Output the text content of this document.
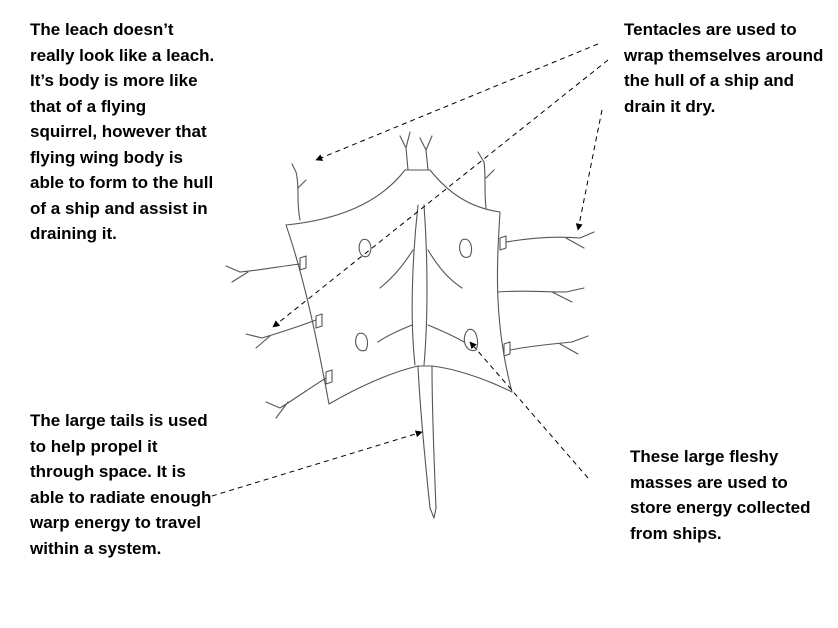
The leach doesn’t really look like a leach. It’s body is more like that of a flying squirrel, however that flying wing body is able to form to the hull of a ship and assist in draining it.

Tentacles are used to wrap themselves around the hull of a ship and drain it dry.

The large tails is used to help propel it through space. It is able to radiate enough warp energy to travel within a system.

These large fleshy masses are used to store energy collected from ships.
